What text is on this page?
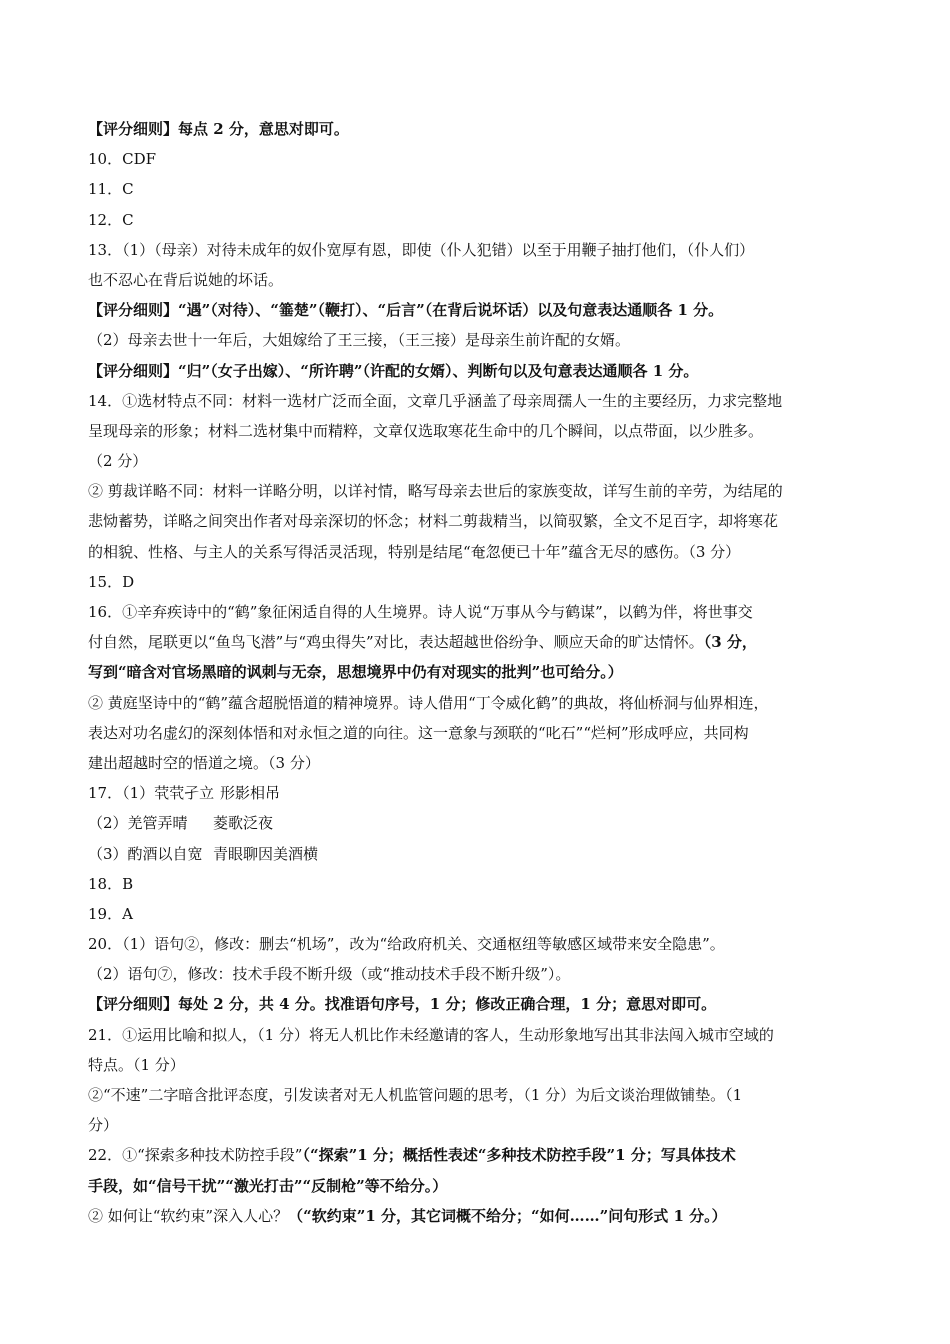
【评分细则】每点 2 分，意思对即可。
10．CDF
11．C
12．C
13．（1）（母亲）对待未成年的奴仆宽厚有恩，即使（仆人犯错）以至于用鞭子抽打他们，（仆人们）
也不忍心在背后说她的坏话。
【评分细则】“遇”（对待）、“箠楚”（鞭打）、“后言”（在背后说坏话）以及句意表达通顺各 1 分。
（2）母亲去世十一年后，大姐嫁给了王三接，（王三接）是母亲生前许配的女婿。
【评分细则】“归”（女子出嫁）、“所许聘”（许配的女婿）、判断句以及句意表达通顺各 1 分。
14．①选材特点不同：材料一选材广泛而全面，文章几乎涵盖了母亲周孺人一生的主要经历，力求完整地
呈现母亲的形象；材料二选材集中而精粹，文章仅选取寒花生命中的几个瞬间，以点带面，以少胜多。
（2 分）
② 剪裁详略不同：材料一详略分明，以详衬情，略写母亲去世后的家族变故，详写生前的辛劳，为结尾的
悲恸蓄势，详略之间突出作者对母亲深切的怀念；材料二剪裁精当，以简驭繁，全文不足百字，却将寒花
的相貌、性格、与主人的关系写得活灵活现，特别是结尾“奄忽便已十年”蕴含无尽的感伤。（3 分）
15．D
16．①辛弃疾诗中的“鹤”象征闲适自得的人生境界。诗人说“万事从今与鹤谋”，以鹤为伴，将世事交
付自然，尾联更以“鱼鸟飞潜”与“鸡虫得失”对比，表达超越世俗纷争、顺应天命的旷达情怀。（3 分，
写到“暗含对官场黑暗的讽刺与无奈，思想境界中仍有对现实的批判”也可给分。）
② 黄庭坚诗中的“鹤”蕴含超脱悟道的精神境界。诗人借用“丁令威化鹤”的典故，将仙桥洞与仙界相连，
表达对功名虚幻的深刻体悟和对永恒之道的向往。这一意象与颈联的“叱石”“烂柯”形成呼应，共同构
建出超越时空的悟道之境。（3 分）
17．（1）茕茕孑立 形影相吊
（2）羌管弄晴 菱歌泛夜
（3）酌酒以自宽 青眼聊因美酒横
18．B
19．A
20．（1）语句②，修改：删去“机场”，改为“给政府机关、交通枢纽等敏感区域带来安全隐患”。
（2）语句⑦，修改：技术手段不断升级（或“推动技术手段不断升级”）。
【评分细则】每处 2 分，共 4 分。找准语句序号，1 分；修改正确合理，1 分；意思对即可。
21．①运用比喻和拟人，（1 分）将无人机比作未经邀请的客人，生动形象地写出其非法闯入城市空域的
特点。（1 分）
②“不速”二字暗含批评态度，引发读者对无人机监管问题的思考，（1 分）为后文谈治理做铺垫。（1
分）
22．①“探索多种技术防控手段”（“探索”1 分；概括性表述“多种技术防控手段”1 分；写具体技术
手段，如“信号干扰”“激光打击”“反制枪”等不给分。）
② 如何让“软约束”深入人心？（“软约束”1 分，其它词概不给分；“如何……”问句形式 1 分。）
